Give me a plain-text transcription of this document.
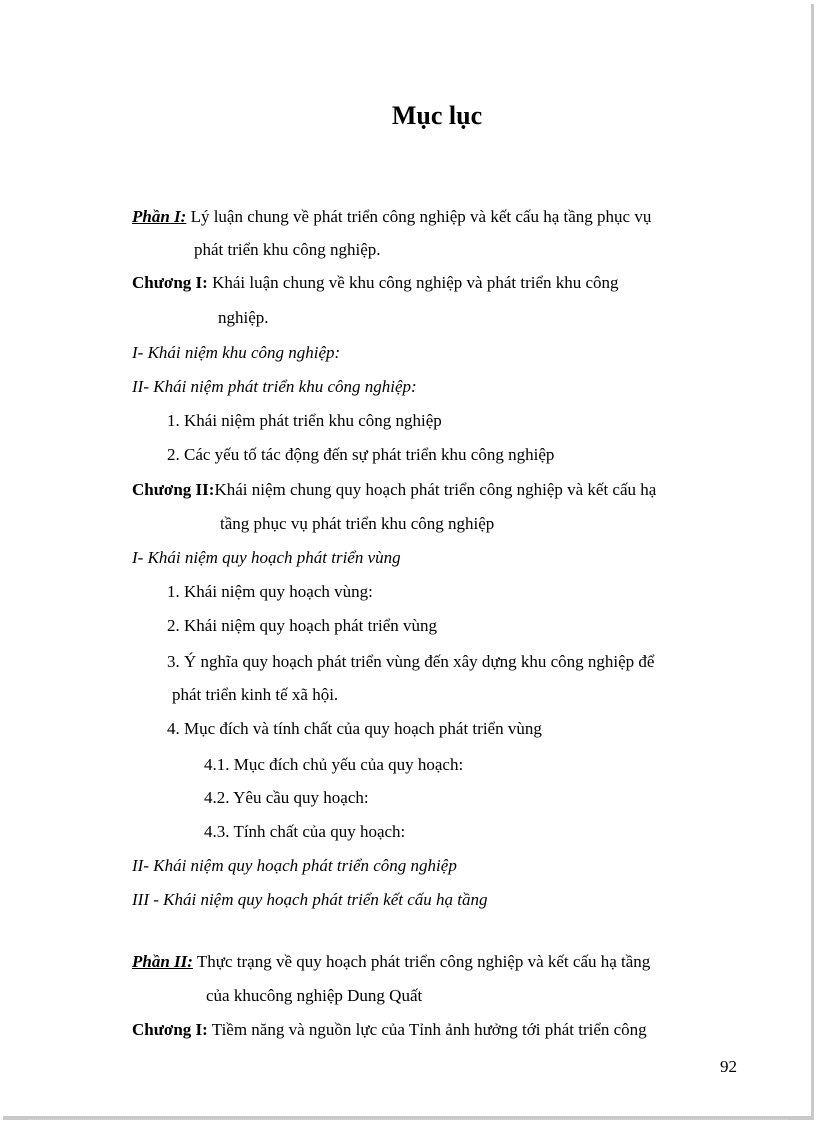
Mục lục
Phần I: Lý luận chung về phát triển công nghiệp và kết cấu hạ tầng phục vụ
phát triển khu công nghiệp.
Chương I: Khái luận chung về khu công nghiệp và phát triển khu công
nghiệp.
I- Khái niệm khu công nghiệp:
II- Khái niệm phát triển khu công nghiệp:
1. Khái niệm phát triển khu công nghiệp
2. Các yếu tố tác động đến sự phát triển khu công nghiệp
Chương II:Khái niệm chung quy hoạch phát triển công nghiệp và kết cấu hạ
tầng phục vụ phát triển khu công nghiệp
I- Khái niệm quy hoạch phát triển vùng
1. Khái niệm quy hoạch vùng:
2. Khái niệm quy hoạch phát triển vùng
3. Ý nghĩa quy hoạch phát triển vùng đến xây dựng khu công nghiệp để
phát triển kinh tế xã hội.
4. Mục đích và tính chất của quy hoạch phát triển vùng
4.1. Mục đích chủ yếu của quy hoạch:
4.2. Yêu cầu quy hoạch:
4.3. Tính chất của quy hoạch:
II- Khái niệm quy hoạch phát triển công nghiệp
III - Khái niệm quy hoạch phát triển kết cấu hạ tầng
Phần II: Thực trạng về quy hoạch phát triển công nghiệp và kết cấu hạ tầng
của khucông nghiệp Dung Quất
Chương I: Tiềm năng và nguồn lực của Tỉnh ảnh hưởng tới phát triển công
92
